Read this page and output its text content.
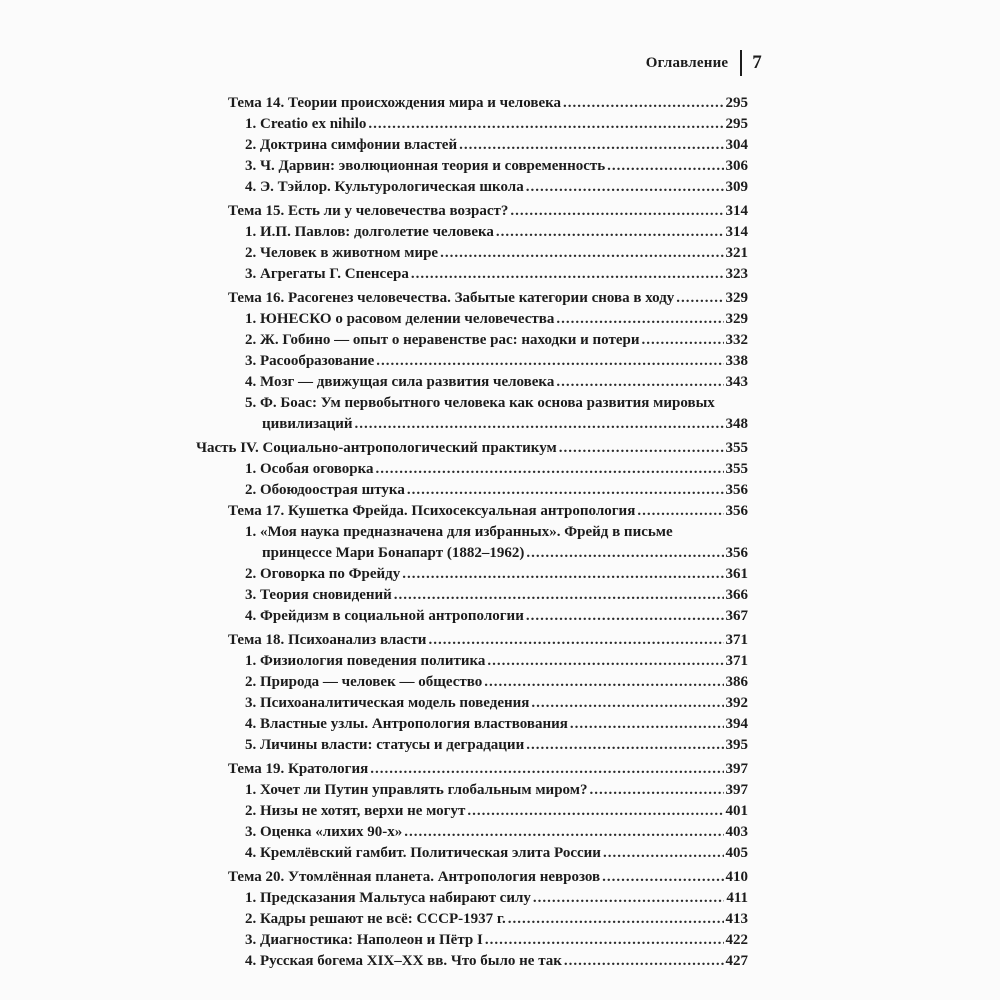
Оглавление 7
Тема 14. Теории происхождения мира и человека .....	295
1. Creatio ex nihilo .....	295
2. Доктрина симфонии властей .....	304
3. Ч. Дарвин: эволюционная теория и современность .....	306
4. Э. Тэйлор. Культурологическая школа .....	309
Тема 15. Есть ли у человечества возраст? .....	314
1. И.П. Павлов: долголетие человека .....	314
2. Человек в животном мире .....	321
3. Агрегаты Г. Спенсера .....	323
Тема 16. Расогенез человечества. Забытые категории снова в ходу .....	329
1. ЮНЕСКО о расовом делении человечества .....	329
2. Ж. Гобино — опыт о неравенстве рас: находки и потери .....	332
3. Расообразование .....	338
4. Мозг — движущая сила развития человека .....	343
5. Ф. Боас: Ум первобытного человека как основа развития мировых
цивилизаций .....	348
Часть IV. Социально-антропологический практикум .....	355
1. Особая оговорка .....	355
2. Обоюдоострая штука .....	356
Тема 17. Кушетка Фрейда. Психосексуальная антропология .....	356
1. «Моя наука предназначена для избранных». Фрейд в письме
принцессе Мари Бонапарт (1882–1962) .....	356
2. Оговорка по Фрейду .....	361
3. Теория сновидений .....	366
4. Фрейдизм в социальной антропологии .....	367
Тема 18. Психоанализ власти .....	371
1. Физиология поведения политика .....	371
2. Природа — человек — общество .....	386
3. Психоаналитическая модель поведения .....	392
4. Властные узлы. Антропология властвования .....	394
5. Личины власти: статусы и деградации .....	395
Тема 19. Кратология .....	397
1. Хочет ли Путин управлять глобальным миром? .....	397
2. Низы не хотят, верхи не могут .....	401
3. Оценка «лихих 90-х» .....	403
4. Кремлёвский гамбит. Политическая элита России .....	405
Тема 20. Утомлённая планета. Антропология неврозов .....	410
1. Предсказания Мальтуса набирают силу .....	411
2. Кадры решают не всё: СССР-1937 г. .....	413
3. Диагностика: Наполеон и Пётр I .....	422
4. Русская богема XIX–XX вв. Что было не так .....	427
